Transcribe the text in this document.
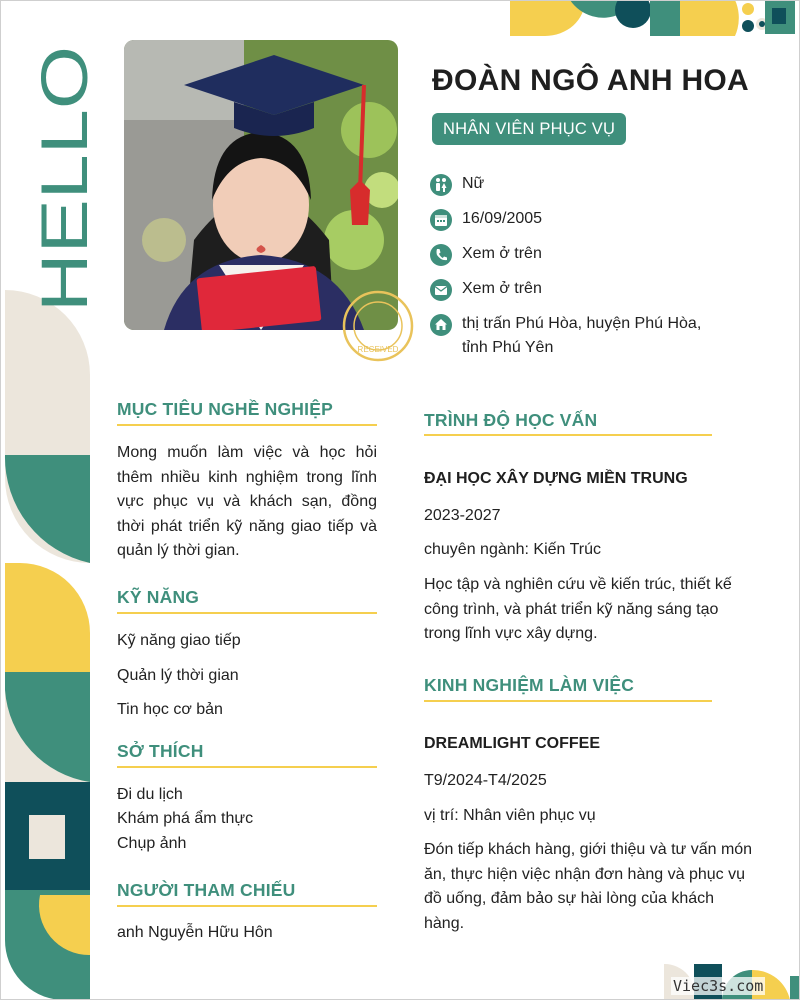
HELLO
RECEIVED
ĐOÀN NGÔ ANH HOA
NHÂN VIÊN PHỤC VỤ
Nữ
16/09/2005
Xem ở trên
Xem ở trên
thị trấn Phú Hòa, huyện Phú Hòa,
tỉnh Phú Yên
MỤC TIÊU NGHỀ NGHIỆP

Mong muốn làm việc và học hỏi thêm nhiều kinh nghiệm trong lĩnh vực phục vụ và khách sạn, đồng thời phát triển kỹ năng giao tiếp và quản lý thời gian.

KỸ NĂNG
Kỹ năng giao tiếp
Quản lý thời gian
Tin học cơ bản
SỞ THÍCH
Đi du lịch
Khám phá ẩm thực
Chụp ảnh
NGƯỜI THAM CHIẾU
anh Nguyễn Hữu Hôn
TRÌNH ĐỘ HỌC VẤN
ĐẠI HỌC XÂY DỰNG MIỀN TRUNG
2023-2027
chuyên ngành: Kiến Trúc

Học tập và nghiên cứu về kiến trúc, thiết kế công trình, và phát triển kỹ năng sáng tạo trong lĩnh vực xây dựng.

KINH NGHIỆM LÀM VIỆC
DREAMLIGHT COFFEE
T9/2024-T4/2025
vị trí: Nhân viên phục vụ

Đón tiếp khách hàng, giới thiệu và tư vấn món ăn, thực hiện việc nhận đơn hàng và phục vụ đồ uống, đảm bảo sự hài lòng của khách hàng.

Viec3s.com
